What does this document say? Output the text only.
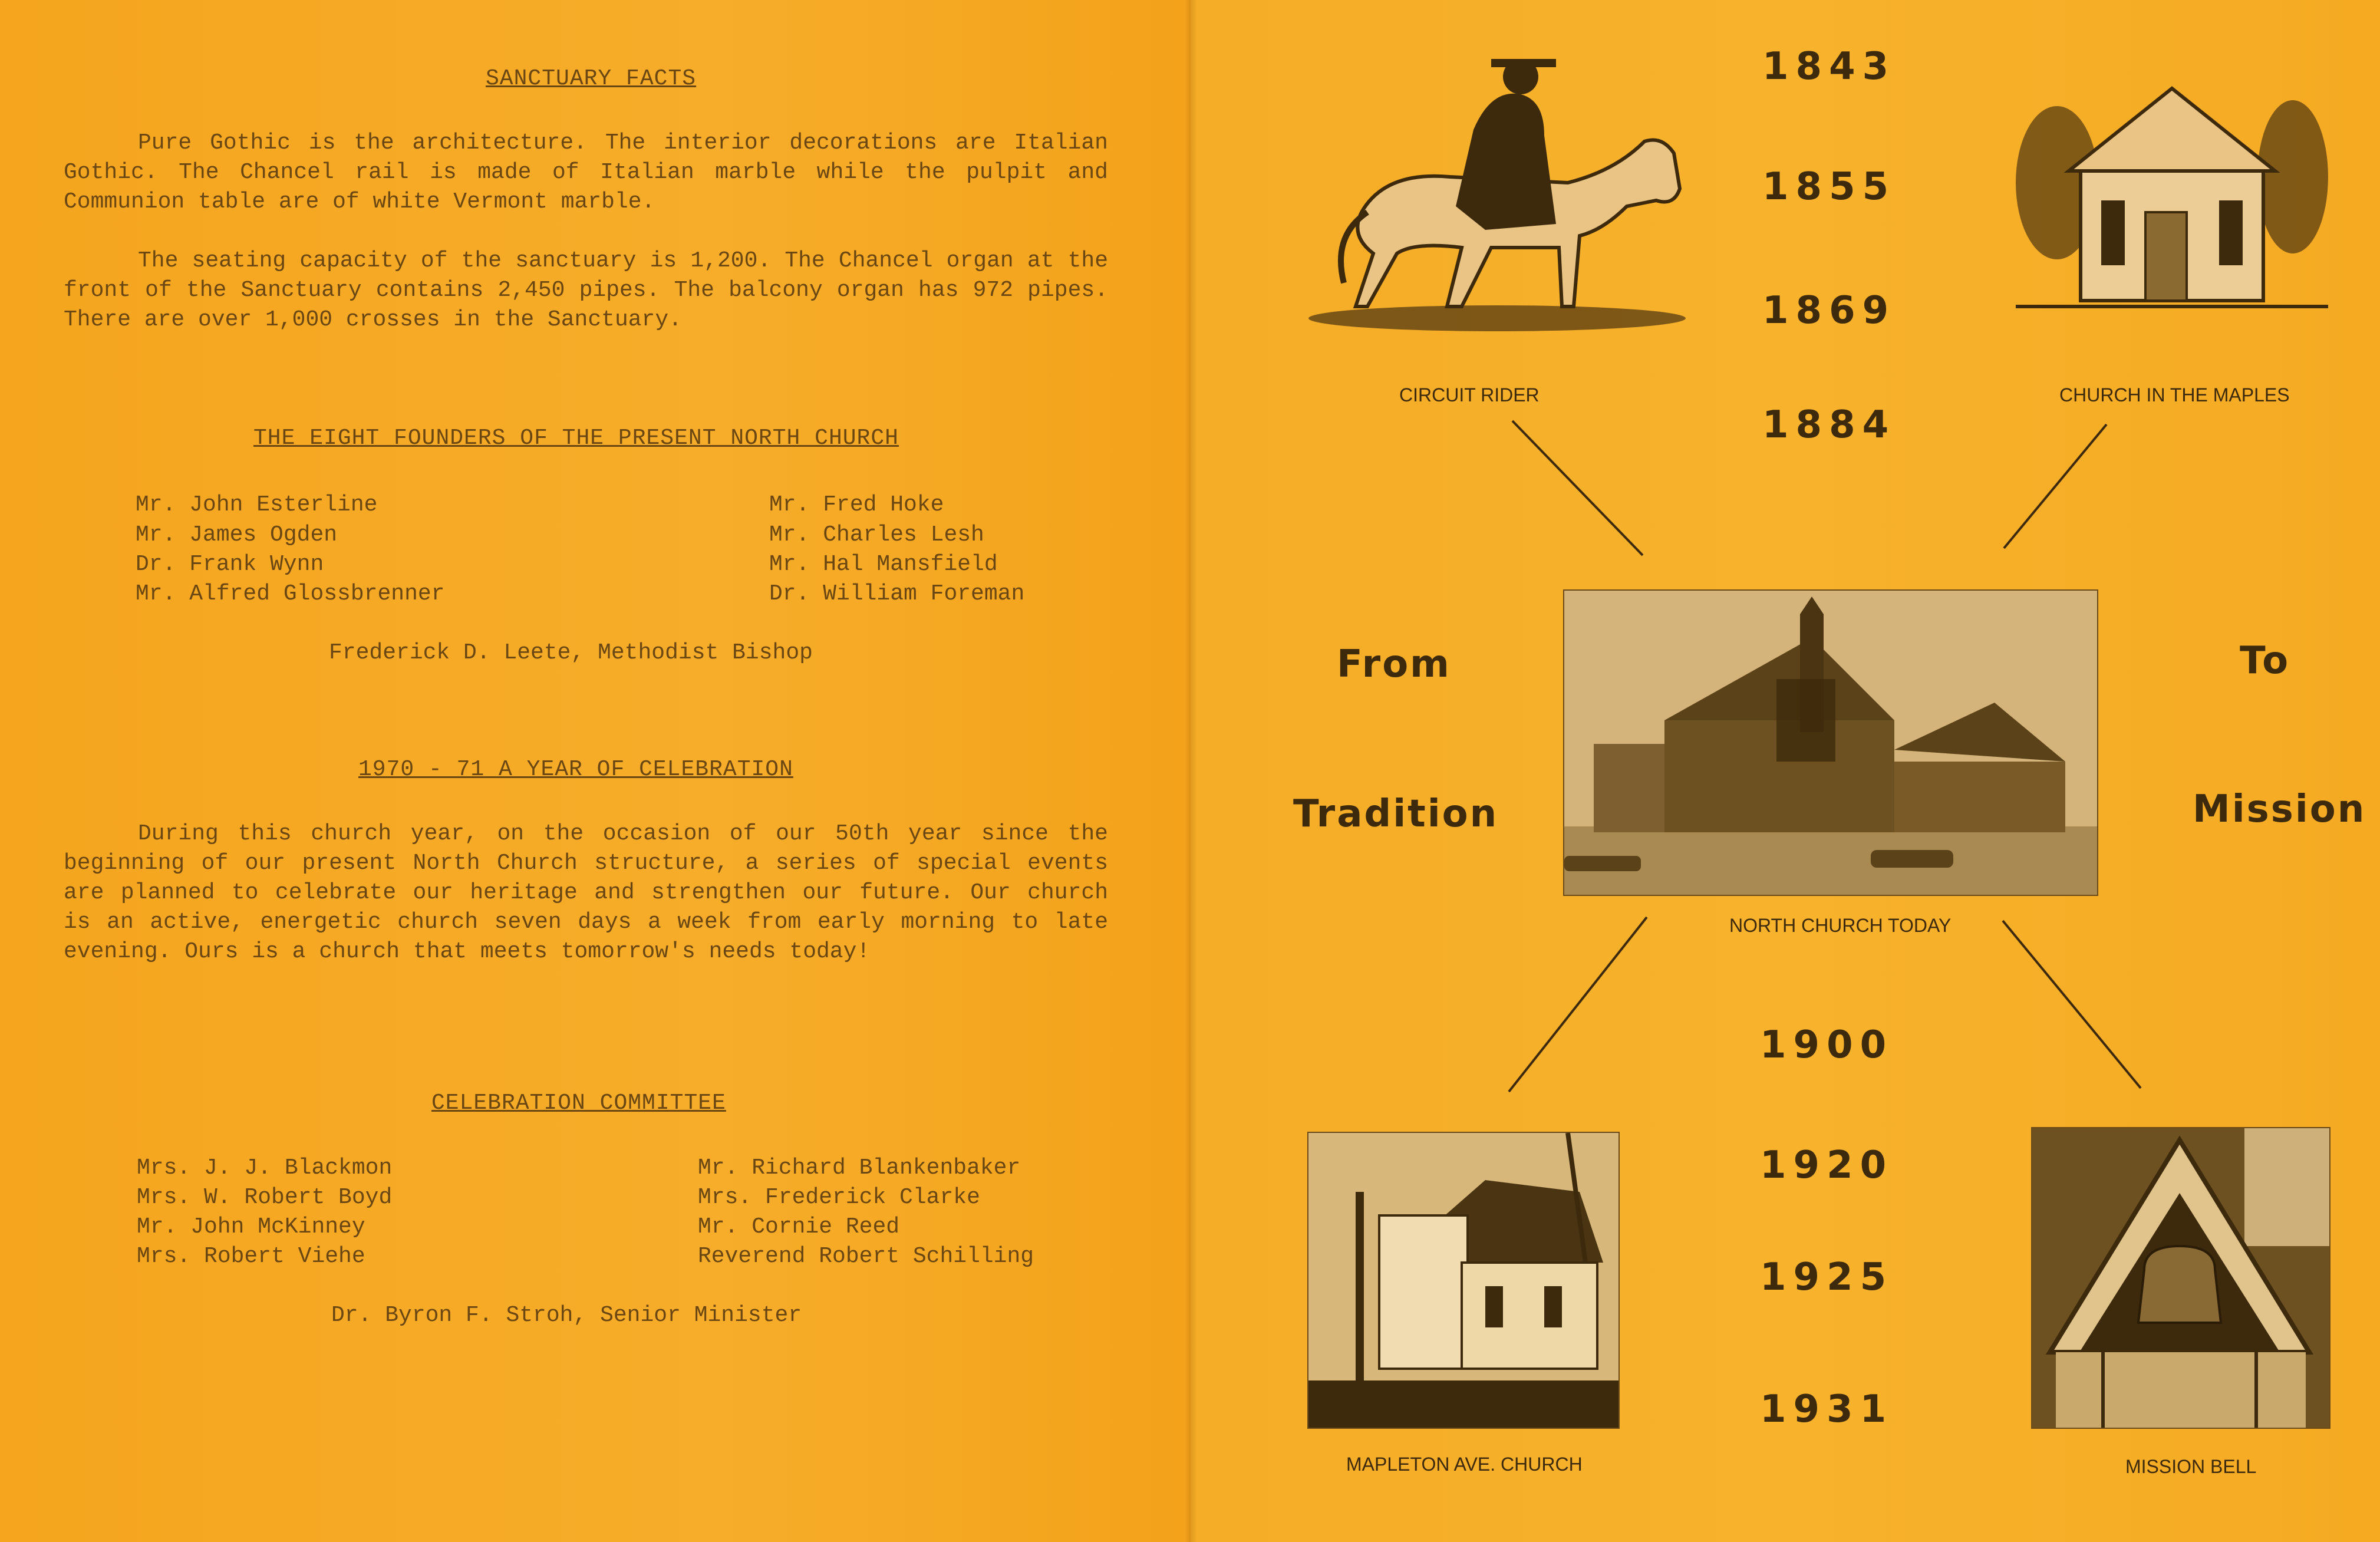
SANCTUARY FACTS
Pure Gothic is the architecture. The interior decorations are Italian Gothic. The Chancel rail is made of Italian marble while the pulpit and Communion table are of white Vermont marble.
The seating capacity of the sanctuary is 1,200. The Chancel organ at the front of the Sanctuary contains 2,450 pipes. The balcony organ has 972 pipes. There are over 1,000 crosses in the Sanctuary.
THE EIGHT FOUNDERS OF THE PRESENT NORTH CHURCH
Mr. John Esterline
Mr. James Ogden
Dr. Frank Wynn
Mr. Alfred Glossbrenner
Mr. Fred Hoke
Mr. Charles Lesh
Mr. Hal Mansfield
Dr. William Foreman
Frederick D. Leete, Methodist Bishop
1970 - 71 A YEAR OF CELEBRATION
During this church year, on the occasion of our 50th year since the beginning of our present North Church structure, a series of special events are planned to celebrate our heritage and strengthen our future. Our church is an active, energetic church seven days a week from early morning to late evening. Ours is a church that meets tomorrow's needs today!
CELEBRATION COMMITTEE
Mrs. J. J. Blackmon
Mrs. W. Robert Boyd
Mr. John McKinney
Mrs. Robert Viehe
Mr. Richard Blankenbaker
Mrs. Frederick Clarke
Mr. Cornie Reed
Reverend Robert Schilling
Dr. Byron F. Stroh, Senior Minister
CIRCUIT RIDER
1843
1855
1869
1884
CHURCH IN THE MAPLES
From
Tradition
To
Mission
NORTH CHURCH TODAY
1900
1920
1925
1931
MAPLETON AVE. CHURCH	MISSION BELL
